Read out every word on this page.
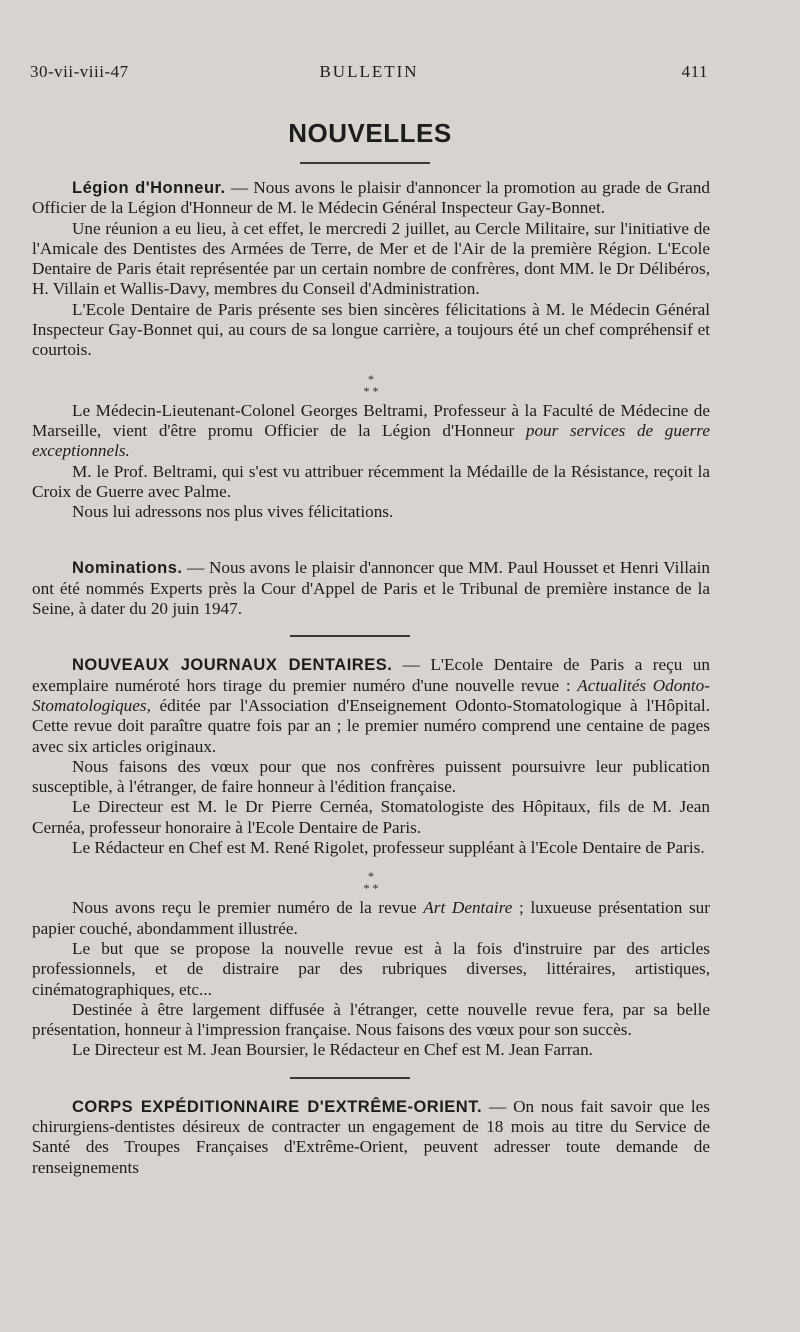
30-vii-viii-47	BULLETIN	411
NOUVELLES

Légion d'Honneur. — Nous avons le plaisir d'annoncer la promotion au grade de Grand Officier de la Légion d'Honneur de M. le Médecin Général Inspecteur Gay-Bonnet.

Une réunion a eu lieu, à cet effet, le mercredi 2 juillet, au Cercle Militaire, sur l'initiative de l'Amicale des Dentistes des Armées de Terre, de Mer et de l'Air de la première Région. L'Ecole Dentaire de Paris était représentée par un certain nombre de confrères, dont MM. le Dr Délibéros, H. Villain et Wallis-Davy, membres du Conseil d'Administration.

L'Ecole Dentaire de Paris présente ses bien sincères félicitations à M. le Médecin Général Inspecteur Gay-Bonnet qui, au cours de sa longue carrière, a toujours été un chef compréhensif et courtois.

*
* *

Le Médecin-Lieutenant-Colonel Georges Beltrami, Professeur à la Faculté de Médecine de Marseille, vient d'être promu Officier de la Légion d'Honneur pour services de guerre exceptionnels.

M. le Prof. Beltrami, qui s'est vu attribuer récemment la Médaille de la Résistance, reçoit la Croix de Guerre avec Palme.

Nous lui adressons nos plus vives félicitations.

Nominations. — Nous avons le plaisir d'annoncer que MM. Paul Housset et Henri Villain ont été nommés Experts près la Cour d'Appel de Paris et le Tribunal de première instance de la Seine, à dater du 20 juin 1947.

NOUVEAUX JOURNAUX DENTAIRES. — L'Ecole Dentaire de Paris a reçu un exemplaire numéroté hors tirage du premier numéro d'une nouvelle revue : Actualités Odonto-Stomatologiques, éditée par l'Association d'Enseignement Odonto-Stomatologique à l'Hôpital. Cette revue doit paraître quatre fois par an ; le premier numéro comprend une centaine de pages avec six articles originaux.

Nous faisons des vœux pour que nos confrères puissent poursuivre leur publication susceptible, à l'étranger, de faire honneur à l'édition française.

Le Directeur est M. le Dr Pierre Cernéa, Stomatologiste des Hôpitaux, fils de M. Jean Cernéa, professeur honoraire à l'Ecole Dentaire de Paris.

Le Rédacteur en Chef est M. René Rigolet, professeur suppléant à l'Ecole Dentaire de Paris.

*
* *

Nous avons reçu le premier numéro de la revue Art Dentaire ; luxueuse présentation sur papier couché, abondamment illustrée.

Le but que se propose la nouvelle revue est à la fois d'instruire par des articles professionnels, et de distraire par des rubriques diverses, littéraires, artistiques, cinématographiques, etc...

Destinée à être largement diffusée à l'étranger, cette nouvelle revue fera, par sa belle présentation, honneur à l'impression française. Nous faisons des vœux pour son succès.

Le Directeur est M. Jean Boursier, le Rédacteur en Chef est M. Jean Farran.

CORPS EXPÉDITIONNAIRE D'EXTRÊME-ORIENT. — On nous fait savoir que les chirurgiens-dentistes désireux de contracter un engagement de 18 mois au titre du Service de Santé des Troupes Françaises d'Extrême-Orient, peuvent adresser toute demande de renseignements
